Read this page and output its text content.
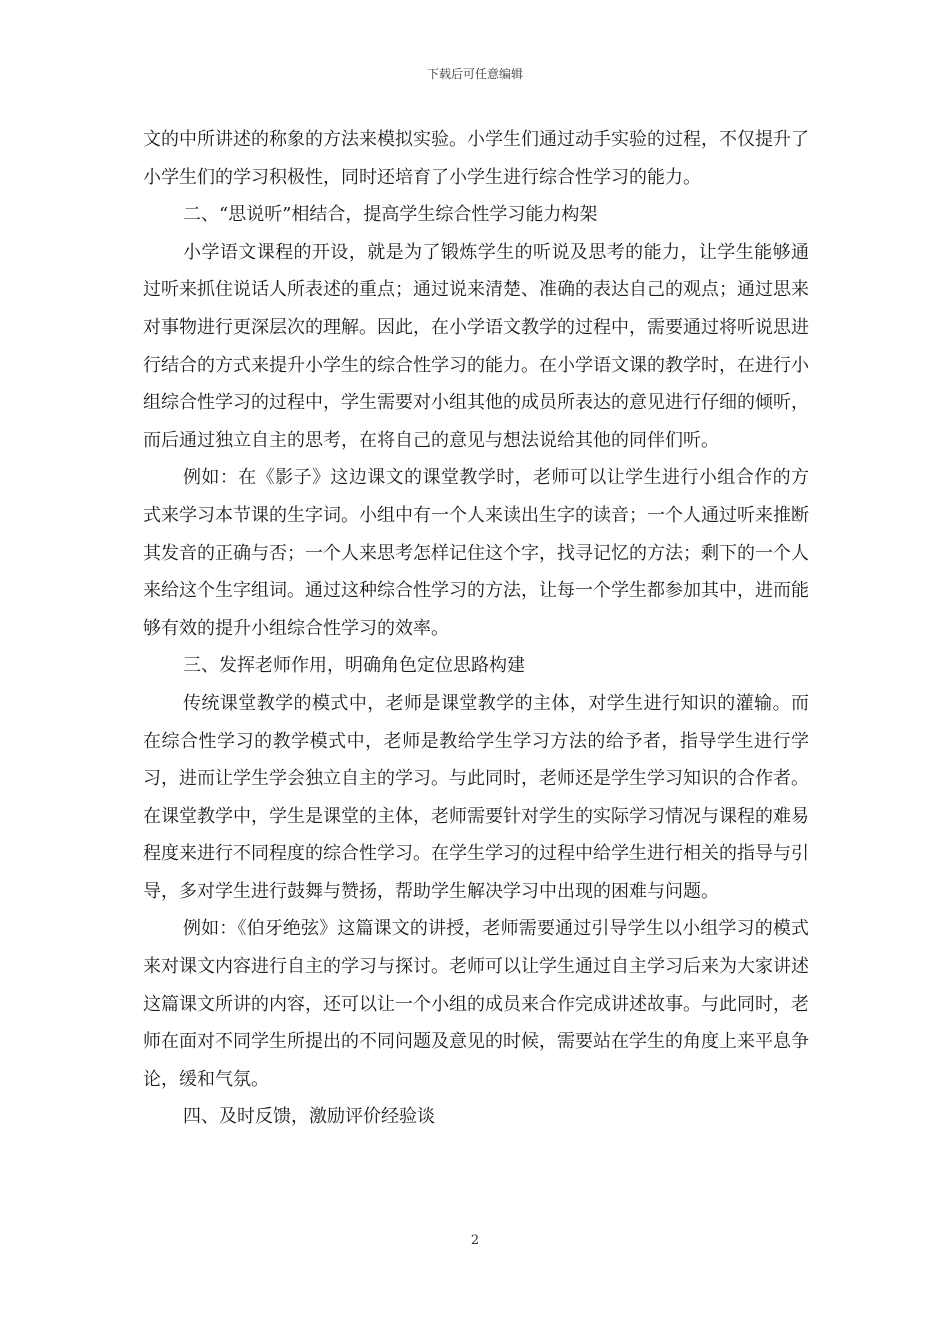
下载后可任意编辑

文的中所讲述的称象的方法来模拟实验。小学生们通过动手实验的过程，不仅提升了小学生们的学习积极性，同时还培育了小学生进行综合性学习的能力。

二、“思说听”相结合，提高学生综合性学习能力构架

小学语文课程的开设，就是为了锻炼学生的听说及思考的能力，让学生能够通过听来抓住说话人所表述的重点；通过说来清楚、准确的表达自己的观点；通过思来对事物进行更深层次的理解。因此，在小学语文教学的过程中，需要通过将听说思进行结合的方式来提升小学生的综合性学习的能力。在小学语文课的教学时，在进行小组综合性学习的过程中，学生需要对小组其他的成员所表达的意见进行仔细的倾听，而后通过独立自主的思考，在将自己的意见与想法说给其他的同伴们听。

例如：在《影子》这边课文的课堂教学时，老师可以让学生进行小组合作的方式来学习本节课的生字词。小组中有一个人来读出生字的读音；一个人通过听来推断其发音的正确与否；一个人来思考怎样记住这个字，找寻记忆的方法；剩下的一个人来给这个生字组词。通过这种综合性学习的方法，让每一个学生都参加其中，进而能够有效的提升小组综合性学习的效率。

三、发挥老师作用，明确角色定位思路构建

传统课堂教学的模式中，老师是课堂教学的主体，对学生进行知识的灌输。而在综合性学习的教学模式中，老师是教给学生学习方法的给予者，指导学生进行学习，进而让学生学会独立自主的学习。与此同时，老师还是学生学习知识的合作者。在课堂教学中，学生是课堂的主体，老师需要针对学生的实际学习情况与课程的难易程度来进行不同程度的综合性学习。在学生学习的过程中给学生进行相关的指导与引导，多对学生进行鼓舞与赞扬，帮助学生解决学习中出现的困难与问题。

例如：《伯牙绝弦》这篇课文的讲授，老师需要通过引导学生以小组学习的模式来对课文内容进行自主的学习与探讨。老师可以让学生通过自主学习后来为大家讲述这篇课文所讲的内容，还可以让一个小组的成员来合作完成讲述故事。与此同时，老师在面对不同学生所提出的不同问题及意见的时候，需要站在学生的角度上来平息争论，缓和气氛。

四、及时反馈，激励评价经验谈

2
